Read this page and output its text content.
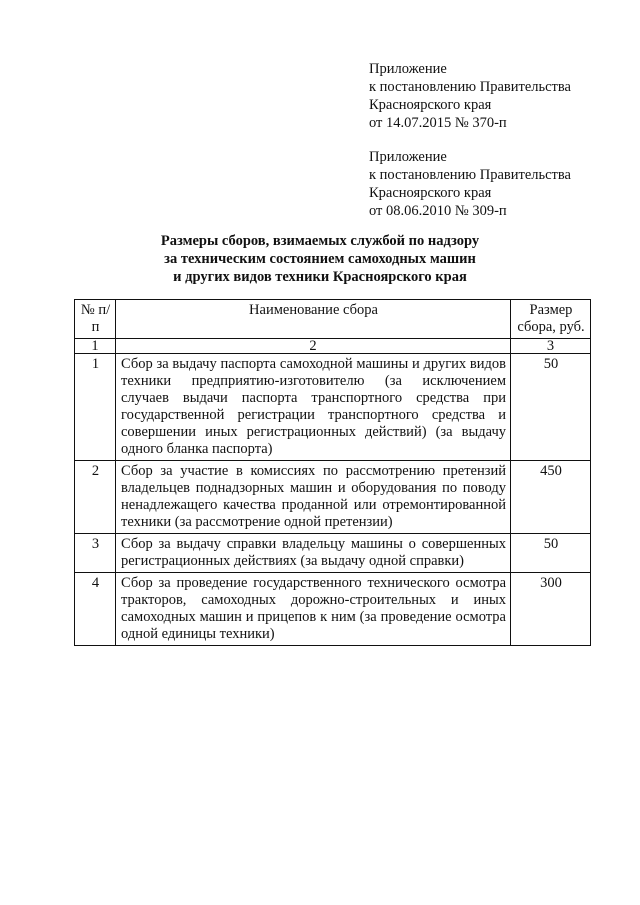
Приложение
к постановлению Правительства
Красноярского края
от 14.07.2015 № 370-п
Приложение
к постановлению Правительства
Красноярского края
от 08.06.2010 № 309-п
Размеры сборов, взимаемых службой по надзору
за техническим состоянием самоходных машин
и других видов техники Красноярского края
№ п/п	Наименование сбора	Размер сбора, руб.
1	2	3
1	Сбор за выдачу паспорта самоходной машины и других видов техники предприятию-изготовителю (за исключением случаев выдачи паспорта транспортного средства при государственной регистрации транспортного средства и совершении иных регистрационных действий) (за выдачу одного бланка паспорта)	50
2	Сбор за участие в комиссиях по рассмотрению претензий владельцев поднадзорных машин и оборудования по поводу ненадлежащего качества проданной или отремонтированной техники (за рассмотрение одной претензии)	450
3	Сбор за выдачу справки владельцу машины о совершенных регистрационных действиях (за выдачу одной справки)	50
4	Сбор за проведение государственного технического осмотра тракторов, самоходных дорожно-строительных и иных самоходных машин и прицепов к ним (за проведение осмотра одной единицы техники)	300
